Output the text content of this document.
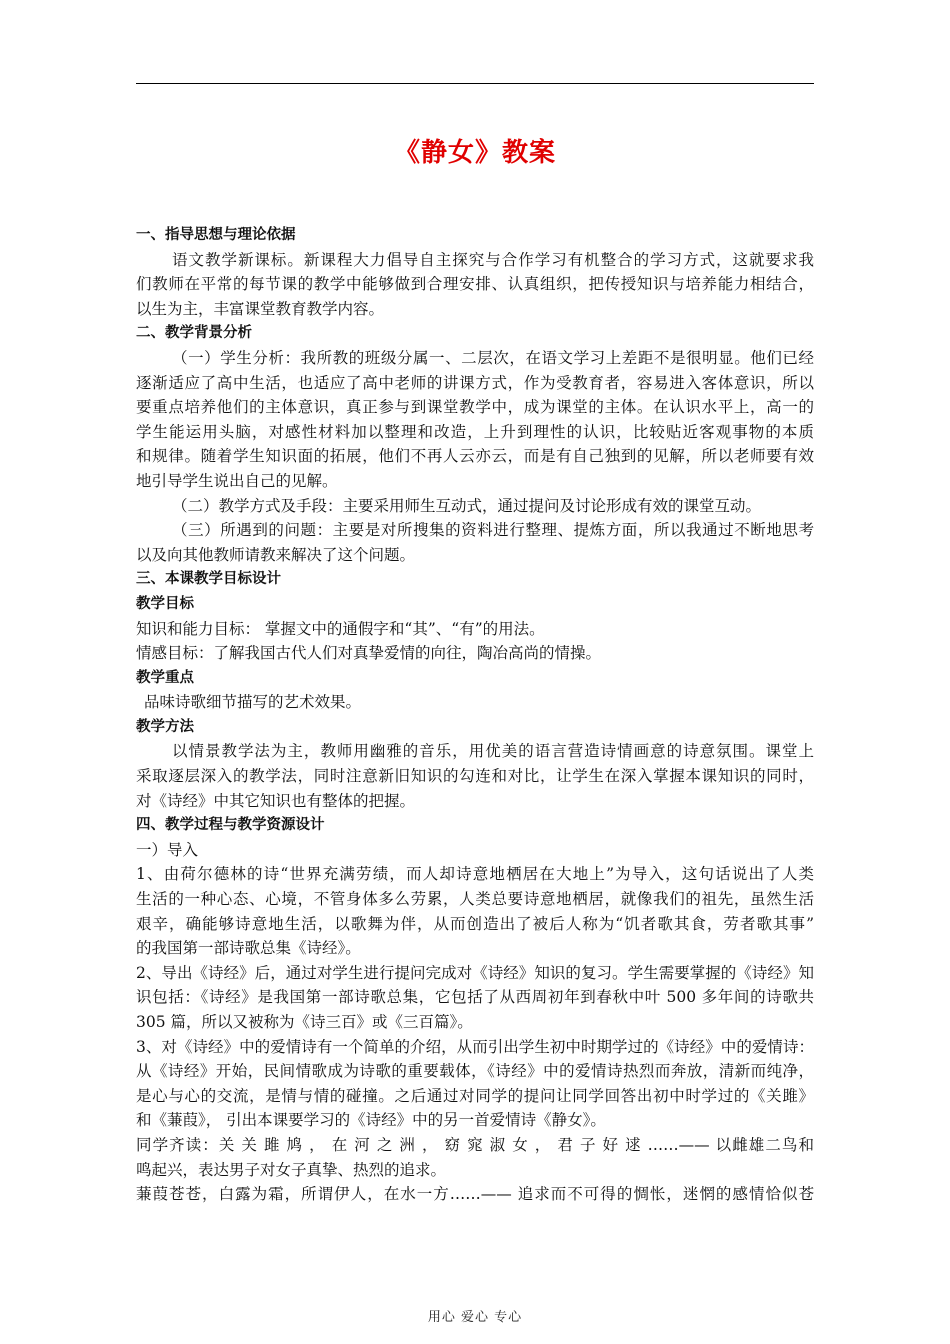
《静女》教案
一、指导思想与理论依据
语文教学新课标。新课程大力倡导自主探究与合作学习有机整合的学习方式，这就要求我
们教师在平常的每节课的教学中能够做到合理安排、认真组织，把传授知识与培养能力相结合，
以生为主，丰富课堂教育教学内容。
二、教学背景分析
（一）学生分析：我所教的班级分属一、二层次，在语文学习上差距不是很明显。他们已经
逐渐适应了高中生活，也适应了高中老师的讲课方式，作为受教育者，容易进入客体意识，所以
要重点培养他们的主体意识，真正参与到课堂教学中，成为课堂的主体。在认识水平上，高一的
学生能运用头脑，对感性材料加以整理和改造，上升到理性的认识，比较贴近客观事物的本质
和规律。随着学生知识面的拓展，他们不再人云亦云，而是有自己独到的见解，所以老师要有效
地引导学生说出自己的见解。
（二）教学方式及手段：主要采用师生互动式，通过提问及讨论形成有效的课堂互动。
（三）所遇到的问题：主要是对所搜集的资料进行整理、提炼方面，所以我通过不断地思考
以及向其他教师请教来解决了这个问题。
三、本课教学目标设计
教学目标
知识和能力目标： 掌握文中的通假字和“其”、“有”的用法。
情感目标：了解我国古代人们对真挚爱情的向往，陶冶高尚的情操。
教学重点
品味诗歌细节描写的艺术效果。
教学方法
以情景教学法为主，教师用幽雅的音乐，用优美的语言营造诗情画意的诗意氛围。课堂上
采取逐层深入的教学法，同时注意新旧知识的勾连和对比，让学生在深入掌握本课知识的同时，
对《诗经》中其它知识也有整体的把握。
四、教学过程与教学资源设计
一）导入
1、由荷尔德林的诗“世界充满劳绩，而人却诗意地栖居在大地上”为导入，这句话说出了人类
生活的一种心态、心境，不管身体多么劳累，人类总要诗意地栖居，就像我们的祖先，虽然生活
艰辛，确能够诗意地生活，以歌舞为伴，从而创造出了被后人称为“饥者歌其食，劳者歌其事”
的我国第一部诗歌总集《诗经》。
2、导出《诗经》后，通过对学生进行提问完成对《诗经》知识的复习。学生需要掌握的《诗经》知
识包括：《诗经》是我国第一部诗歌总集，它包括了从西周初年到春秋中叶 500 多年间的诗歌共
305 篇，所以又被称为《诗三百》或《三百篇》。
3、对《诗经》中的爱情诗有一个简单的介绍，从而引出学生初中时期学过的《诗经》中的爱情诗：
从《诗经》开始，民间情歌成为诗歌的重要载体，《诗经》中的爱情诗热烈而奔放，清新而纯净，
是心与心的交流，是情与情的碰撞。之后通过对同学的提问让同学回答出初中时学过的《关雎》
和《蒹葭》， 引出本课要学习的《诗经》中的另一首爱情诗《静女》。
同学齐读：关 关 雎 鸠 ， 在 河 之 洲 ， 窈 窕 淑 女 ， 君 子 好 逑 ……—— 以雌雄二鸟和
鸣起兴，表达男子对女子真挚、热烈的追求。
蒹葭苍苍，白露为霜，所谓伊人，在水一方……—— 追求而不可得的惆怅，迷惘的感情恰似苍
用心 爱心 专心
